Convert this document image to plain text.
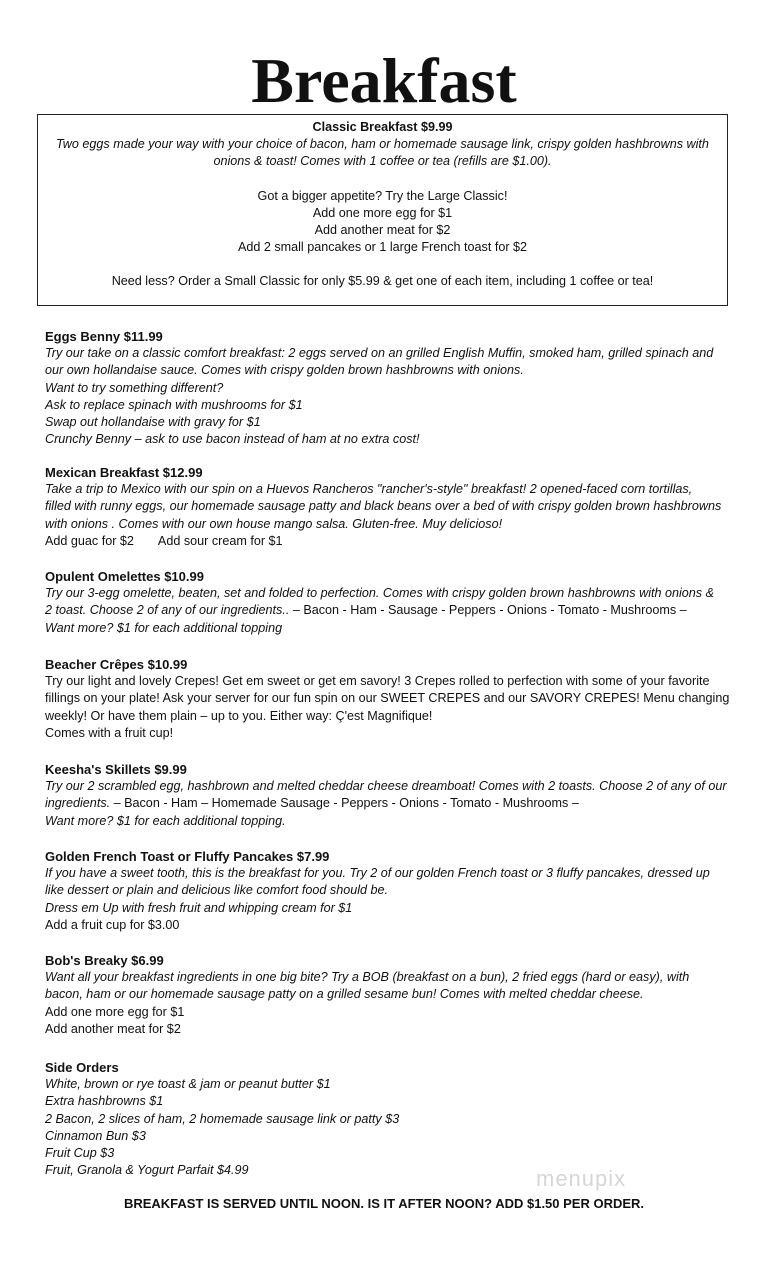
Breakfast
Classic Breakfast $9.99
Two eggs made your way with your choice of bacon, ham or homemade sausage link, crispy golden hashbrowns with
onions & toast! Comes with 1 coffee or tea (refills are $1.00).
Got a bigger appetite? Try the Large Classic!
Add one more egg for $1
Add another meat for $2
Add 2 small pancakes or 1 large French toast for $2
Need less? Order a Small Classic for only $5.99 & get one of each item, including 1 coffee or tea!
Eggs Benny $11.99
Try our take on a classic comfort breakfast: 2 eggs served on an grilled English Muffin, smoked ham, grilled spinach and
our own hollandaise sauce. Comes with crispy golden brown hashbrowns with onions.
Want to try something different?
Ask to replace spinach with mushrooms for $1
Swap out hollandaise with gravy for $1
Crunchy Benny – ask to use bacon instead of ham at no extra cost!
Mexican Breakfast $12.99
Take a trip to Mexico with our spin on a Huevos Rancheros "rancher's-style" breakfast! 2 opened-faced corn tortillas,
filled with runny eggs, our homemade sausage patty and black beans over a bed of with crispy golden brown hashbrowns
with onions . Comes with our own house mango salsa. Gluten-free. Muy delicioso!
Add guac for $2 Add sour cream for $1
Opulent Omelettes $10.99
Try our 3-egg omelette, beaten, set and folded to perfection. Comes with crispy golden brown hashbrowns with onions &
2 toast. Choose 2 of any of our ingredients.. – Bacon - Ham - Sausage - Peppers - Onions - Tomato - Mushrooms –
Want more? $1 for each additional topping
Beacher Crêpes $10.99
Try our light and lovely Crepes! Get em sweet or get em savory! 3 Crepes rolled to perfection with some of your favorite
fillings on your plate! Ask your server for our fun spin on our SWEET CREPES and our SAVORY CREPES! Menu changing
weekly! Or have them plain – up to you. Either way: Ç'est Magnifique!
Comes with a fruit cup!
Keesha's Skillets $9.99
Try our 2 scrambled egg, hashbrown and melted cheddar cheese dreamboat! Comes with 2 toasts. Choose 2 of any of our
ingredients. – Bacon - Ham – Homemade Sausage - Peppers - Onions - Tomato - Mushrooms –
Want more? $1 for each additional topping.
Golden French Toast or Fluffy Pancakes $7.99
If you have a sweet tooth, this is the breakfast for you. Try 2 of our golden French toast or 3 fluffy pancakes, dressed up
like dessert or plain and delicious like comfort food should be.
Dress em Up with fresh fruit and whipping cream for $1
Add a fruit cup for $3.00
Bob's Breaky $6.99
Want all your breakfast ingredients in one big bite? Try a BOB (breakfast on a bun), 2 fried eggs (hard or easy), with
bacon, ham or our homemade sausage patty on a grilled sesame bun! Comes with melted cheddar cheese.
Add one more egg for $1
Add another meat for $2
Side Orders
White, brown or rye toast & jam or peanut butter $1
Extra hashbrowns $1
2 Bacon, 2 slices of ham, 2 homemade sausage link or patty $3
Cinnamon Bun $3
Fruit Cup $3
Fruit, Granola & Yogurt Parfait $4.99	menupix
BREAKFAST IS SERVED UNTIL NOON. IS IT AFTER NOON? ADD $1.50 PER ORDER.
